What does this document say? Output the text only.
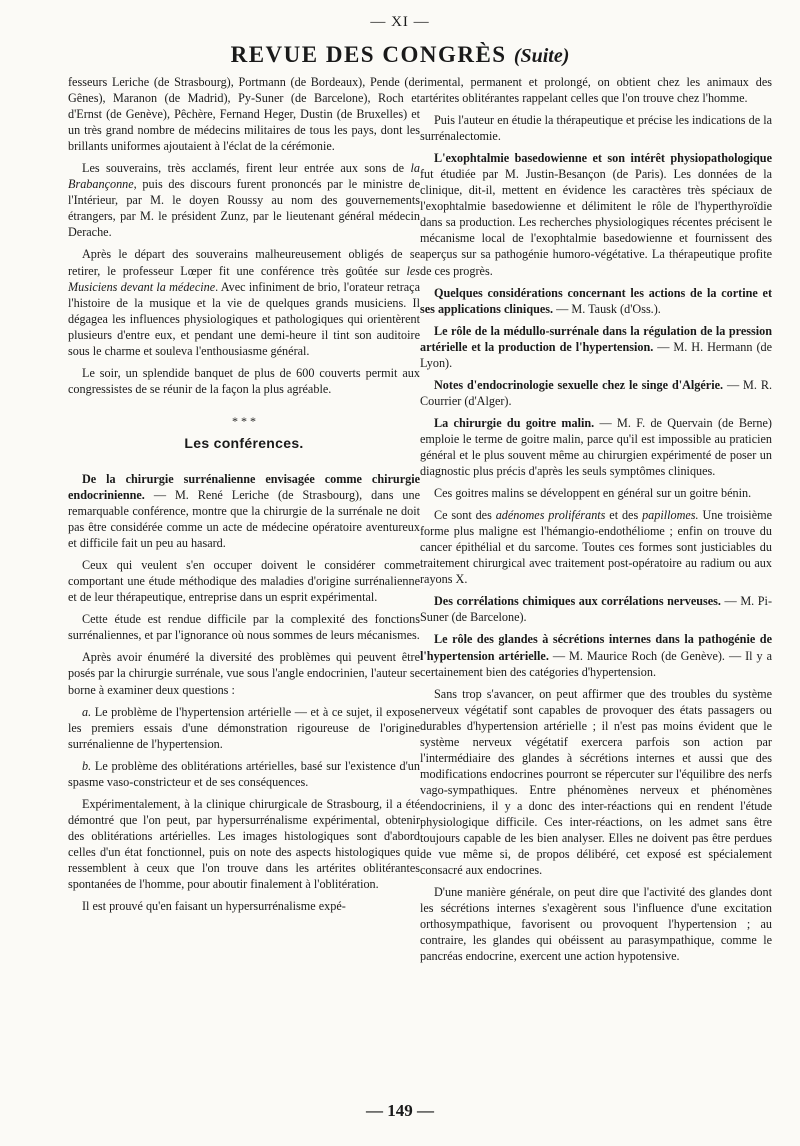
— XI —
REVUE DES CONGRÈS (Suite)

fesseurs Leriche (de Strasbourg), Portmann (de Bordeaux), Pende (de Gênes), Maranon (de Madrid), Py-Suner (de Barcelone), Roch et d'Ernst (de Genève), Pêchère, Fernand Heger, Dustin (de Bruxelles) et un très grand nombre de médecins militaires de tous les pays, dont les brillants uniformes ajoutaient à l'éclat de la cérémonie.

Les souverains, très acclamés, firent leur entrée aux sons de la Brabançonne, puis des discours furent prononcés par le ministre de l'Intérieur, par M. le doyen Roussy au nom des gouvernements étrangers, par M. le président Zunz, par le lieutenant général médecin Derache.

Après le départ des souverains malheureusement obligés de se retirer, le professeur Lœper fit une conférence très goûtée sur les Musiciens devant la médecine. Avec infiniment de brio, l'orateur retraça l'histoire de la musique et la vie de quelques grands musiciens. Il dégagea les influences physiologiques et pathologiques qui orientèrent plusieurs d'entre eux, et pendant une demi-heure il tint son auditoire sous le charme et souleva l'enthousiasme général.

Le soir, un splendide banquet de plus de 600 couverts permit aux congressistes de se réunir de la façon la plus agréable.

* * *
Les conférences.

De la chirurgie surrénalienne envisagée comme chirurgie endocrinienne. — M. René Leriche (de Strasbourg), dans une remarquable conférence, montre que la chirurgie de la surrénale ne doit pas être considérée comme un acte de médecine opératoire aventureux et difficile fait un peu au hasard.

Ceux qui veulent s'en occuper doivent le considérer comme comportant une étude méthodique des maladies d'origine surrénalienne et de leur thérapeutique, entreprise dans un esprit expérimental.

Cette étude est rendue difficile par la complexité des fonctions surrénaliennes, et par l'ignorance où nous sommes de leurs mécanismes.

Après avoir énuméré la diversité des problèmes qui peuvent être posés par la chirurgie surrénale, vue sous l'angle endocrinien, l'auteur se borne à examiner deux questions :

a. Le problème de l'hypertension artérielle — et à ce sujet, il expose les premiers essais d'une démonstration rigoureuse de l'origine surrénalienne de l'hypertension.

b. Le problème des oblitérations artérielles, basé sur l'existence d'un spasme vaso-constricteur et de ses conséquences.

Expérimentalement, à la clinique chirurgicale de Strasbourg, il a été démontré que l'on peut, par hypersurrénalisme expérimental, obtenir des oblitérations artérielles. Les images histologiques sont d'abord celles d'un état fonctionnel, puis on note des aspects histologiques qui ressemblent à ceux que l'on trouve dans les artérites oblitérantes spontanées de l'homme, pour aboutir finalement à l'oblitération.

Il est prouvé qu'en faisant un hypersurrénalisme expé-

rimental, permanent et prolongé, on obtient chez les animaux des artérites oblitérantes rappelant celles que l'on trouve chez l'homme.

Puis l'auteur en étudie la thérapeutique et précise les indications de la surrénalectomie.

L'exophtalmie basedowienne et son intérêt physiopathologique fut étudiée par M. Justin-Besançon (de Paris). Les données de la clinique, dit-il, mettent en évidence les caractères très spéciaux de l'exophtalmie basedowienne et délimitent le rôle de l'hyperthyroïdie dans sa production. Les recherches physiologiques récentes précisent le mécanisme local de l'exophtalmie basedowienne et fournissent des aperçus sur sa pathogénie humoro-végétative. La thérapeutique profite de ces progrès.

Quelques considérations concernant les actions de la cortine et ses applications cliniques. — M. Tausk (d'Oss.).

Le rôle de la médullo-surrénale dans la régulation de la pression artérielle et la production de l'hypertension. — M. H. Hermann (de Lyon).

Notes d'endocrinologie sexuelle chez le singe d'Algérie. — M. R. Courrier (d'Alger).

La chirurgie du goitre malin. — M. F. de Quervain (de Berne) emploie le terme de goitre malin, parce qu'il est impossible au praticien général et le plus souvent même au chirurgien expérimenté de poser un diagnostic plus précis d'après les seuls symptômes cliniques.

Ces goitres malins se développent en général sur un goitre bénin.

Ce sont des adénomes proliférants et des papillomes. Une troisième forme plus maligne est l'hémangio-endothéliome ; enfin on trouve du cancer épithélial et du sarcome. Toutes ces formes sont justiciables du traitement chirurgical avec traitement post-opératoire au radium ou aux rayons X.

Des corrélations chimiques aux corrélations nerveuses. — M. Pi-Suner (de Barcelone).

Le rôle des glandes à sécrétions internes dans la pathogénie de l'hypertension artérielle. — M. Maurice Roch (de Genève). — Il y a certainement bien des catégories d'hypertension.

Sans trop s'avancer, on peut affirmer que des troubles du système nerveux végétatif sont capables de provoquer des états passagers ou durables d'hypertension artérielle ; il n'est pas moins évident que le système nerveux végétatif exercera parfois son action par l'intermédiaire des glandes à sécrétions internes et aussi que des modifications endocrines pourront se répercuter sur l'équilibre des nerfs vago-sympathiques. Entre phénomènes nerveux et phénomènes endocriniens, il y a donc des inter-réactions qui en rendent l'étude physiologique difficile. Ces inter-réactions, on les admet sans être toujours capable de les bien analyser. Elles ne doivent pas être perdues de vue même si, de propos délibéré, cet exposé est spécialement consacré aux endocrines.

D'une manière générale, on peut dire que l'activité des glandes dont les sécrétions internes s'exagèrent sous l'influence d'une excitation orthosympathique, favorisent ou provoquent l'hypertension ; au contraire, les glandes qui obéissent au parasympathique, comme le pancréas endocrine, exercent une action hypotensive.

— 149 —
